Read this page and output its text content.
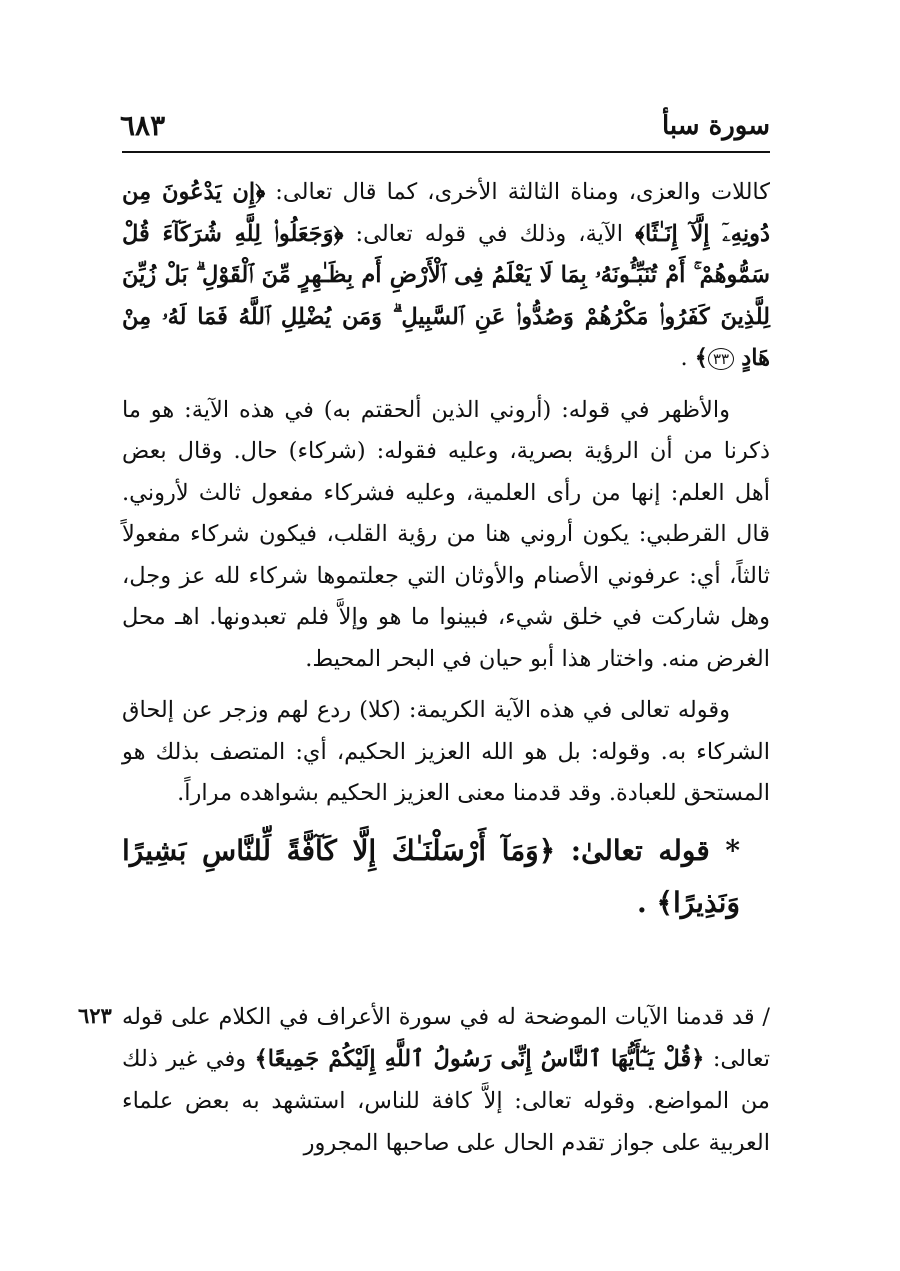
سورة سبأ
٦٨٣

كاللات والعزى، ومناة الثالثة الأخرى، كما قال تعالى: ﴿إِن يَدْعُونَ مِن دُونِهِۦٓ إِلَّآ إِنَـٰثًا﴾ الآية، وذلك في قوله تعالى: ﴿وَجَعَلُوا۟ لِلَّهِ شُرَكَآءَ قُلْ سَمُّوهُمْ ۚ أَمْ تُنَبِّـُٔونَهُۥ بِمَا لَا يَعْلَمُ فِى ٱلْأَرْضِ أَم بِظَـٰهِرٍ مِّنَ ٱلْقَوْلِ ۗ بَلْ زُيِّنَ لِلَّذِينَ كَفَرُوا۟ مَكْرُهُمْ وَصُدُّوا۟ عَنِ ٱلسَّبِيلِ ۗ وَمَن يُضْلِلِ ٱللَّهُ فَمَا لَهُۥ مِنْ هَادٍ ٣٣﴾ .

والأظهر في قوله: (أروني الذين ألحقتم به) في هذه الآية: هو ما ذكرنا من أن الرؤية بصرية، وعليه فقوله: (شركاء) حال. وقال بعض أهل العلم: إنها من رأى العلمية، وعليه فشركاء مفعول ثالث لأروني. قال القرطبي: يكون أروني هنا من رؤية القلب، فيكون شركاء مفعولاً ثالثاً، أي: عرفوني الأصنام والأوثان التي جعلتموها شركاء لله عز وجل، وهل شاركت في خلق شيء، فبينوا ما هو وإلاَّ فلم تعبدونها. اهـ محل الغرض منه. واختار هذا أبو حيان في البحر المحيط.

وقوله تعالى في هذه الآية الكريمة: (كلا) ردع لهم وزجر عن إلحاق الشركاء به. وقوله: بل هو الله العزيز الحكيم، أي: المتصف بذلك هو المستحق للعبادة. وقد قدمنا معنى العزيز الحكيم بشواهده مراراً.

* قوله تعالىٰ: ﴿وَمَآ أَرْسَلْنَـٰكَ إِلَّا كَآفَّةً لِّلنَّاسِ بَشِيرًا وَنَذِيرًا﴾ .

٦٢٣ / قد قدمنا الآيات الموضحة له في سورة الأعراف في الكلام على قوله تعالى: ﴿قُلْ يَـٰٓأَيُّهَا ٱلنَّاسُ إِنِّى رَسُولُ ٱللَّهِ إِلَيْكُمْ جَمِيعًا﴾ وفي غير ذلك من المواضع. وقوله تعالى: إلاَّ كافة للناس، استشهد به بعض علماء العربية على جواز تقدم الحال على صاحبها المجرور
